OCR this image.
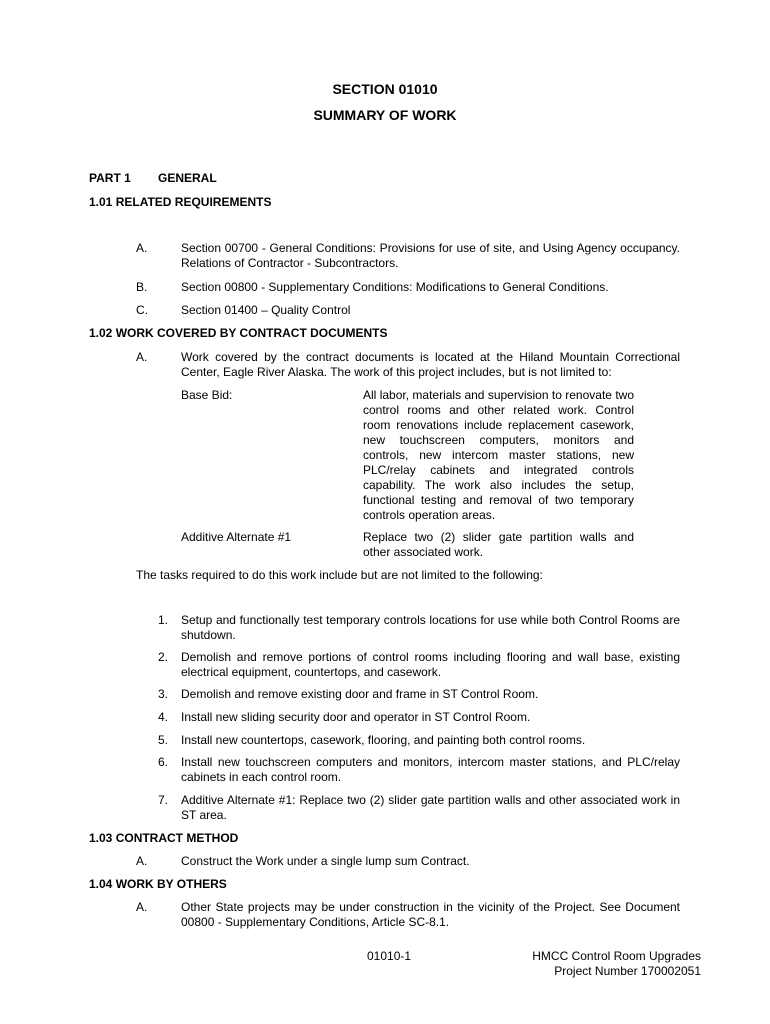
SECTION 01010
SUMMARY OF WORK
PART 1 GENERAL
1.01 RELATED REQUIREMENTS
A.	Section 00700 - General Conditions: Provisions for use of site, and Using Agency occupancy. Relations of Contractor - Subcontractors.
B.	Section 00800 - Supplementary Conditions: Modifications to General Conditions.
C.	Section 01400 – Quality Control
1.02 WORK COVERED BY CONTRACT DOCUMENTS
A.	Work covered by the contract documents is located at the Hiland Mountain Correctional Center, Eagle River Alaska. The work of this project includes, but is not limited to:
Base Bid:	All labor, materials and supervision to renovate two control rooms and other related work. Control room renovations include replacement casework, new touchscreen computers, monitors and controls, new intercom master stations, new PLC/relay cabinets and integrated controls capability. The work also includes the setup, functional testing and removal of two temporary controls operation areas.
Additive Alternate #1	Replace two (2) slider gate partition walls and other associated work.
The tasks required to do this work include but are not limited to the following:
1. Setup and functionally test temporary controls locations for use while both Control Rooms are shutdown.
2. Demolish and remove portions of control rooms including flooring and wall base, existing electrical equipment, countertops, and casework.
3. Demolish and remove existing door and frame in ST Control Room.
4. Install new sliding security door and operator in ST Control Room.
5. Install new countertops, casework, flooring, and painting both control rooms.
6. Install new touchscreen computers and monitors, intercom master stations, and PLC/relay cabinets in each control room.
7. Additive Alternate #1: Replace two (2) slider gate partition walls and other associated work in ST area.
1.03 CONTRACT METHOD
A.	Construct the Work under a single lump sum Contract.
1.04 WORK BY OTHERS
A.	Other State projects may be under construction in the vicinity of the Project. See Document 00800 - Supplementary Conditions, Article SC-8.1.
01010-1	HMCC Control Room Upgrades
Project Number 170002051
